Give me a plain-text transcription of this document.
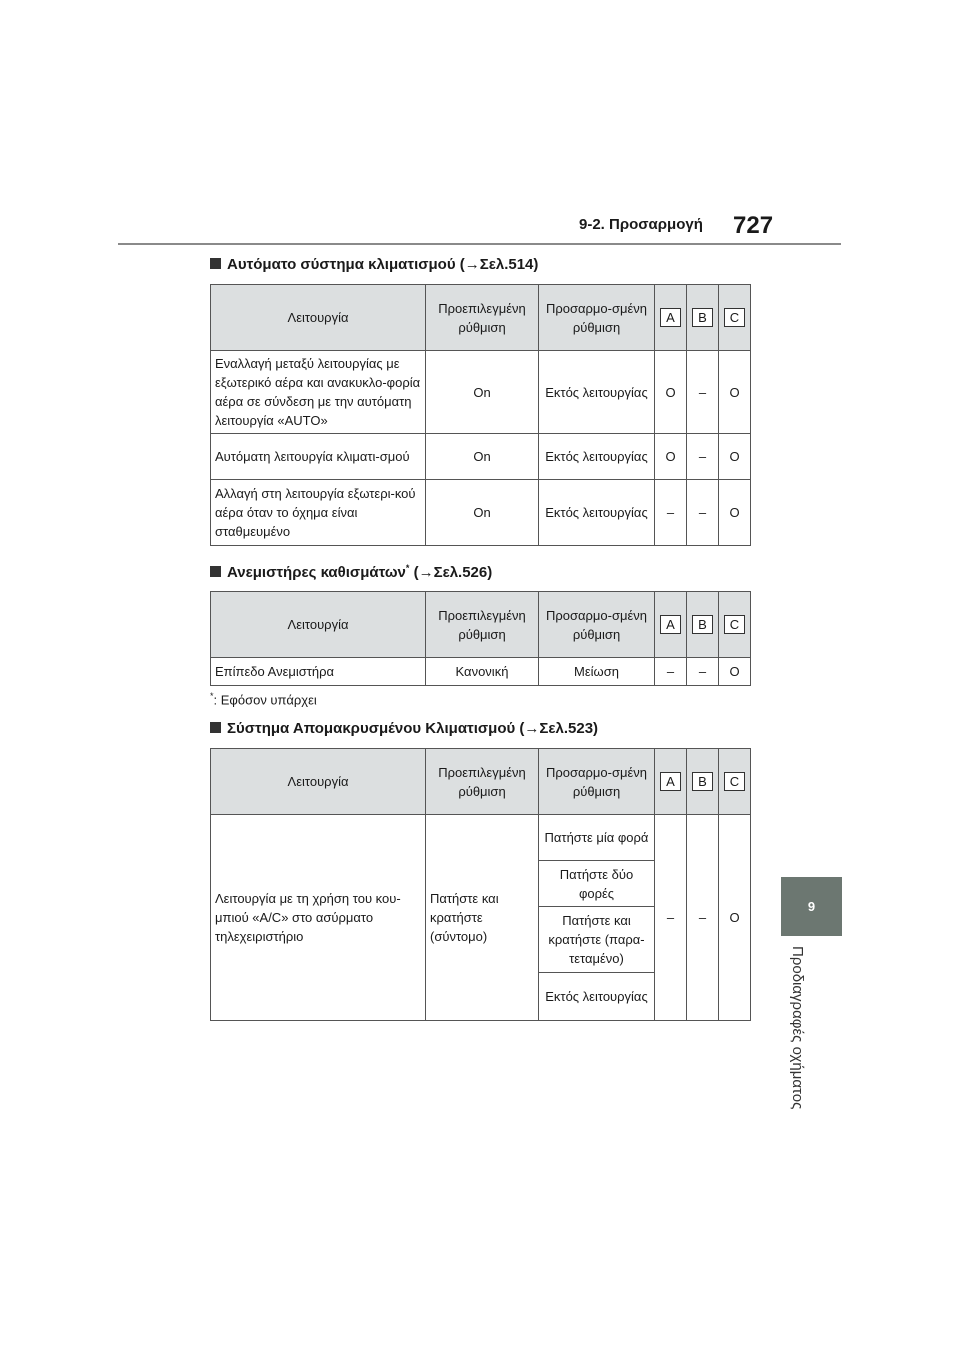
9-2. Προσαρμογή 727
9
Προδιαγραφές οχήματος
Αυτόματο σύστημα κλιματισμού (→Σελ.514)
Λειτουργία	Προεπιλεγμένη ρύθμιση	Προσαρμο-σμένη ρύθμιση	A	B	C
Εναλλαγή μεταξύ λειτουργίας με εξωτερικό αέρα και ανακυκλο-φορία αέρα σε σύνδεση με την αυτόματη λειτουργία «AUTO»	On	Εκτός λειτουργίας	O	–	O
Αυτόματη λειτουργία κλιματι-σμού	On	Εκτός λειτουργίας	O	–	O
Αλλαγή στη λειτουργία εξωτερι-κού αέρα όταν το όχημα είναι σταθμευμένο	On	Εκτός λειτουργίας	–	–	O
Ανεμιστήρες καθισμάτων* (→Σελ.526)
Λειτουργία	Προεπιλεγμένη ρύθμιση	Προσαρμο-σμένη ρύθμιση	A	B	C
Επίπεδο Ανεμιστήρα	Κανονική	Μείωση	–	–	O
*: Εφόσον υπάρχει
Σύστημα Απομακρυσμένου Κλιματισμού (→Σελ.523)
Λειτουργία	Προεπιλεγμένη ρύθμιση	Προσαρμο-σμένη ρύθμιση	A	B	C
Λειτουργία με τη χρήση του κου-μπιού «A/C» στο ασύρματο τηλεχειριστήριο	Πατήστε και κρατήστε (σύντομο)	Πατήστε μία φορά	–	–	O
		Πατήστε δύο φορές			
		Πατήστε και κρατήστε (παρα-τεταμένο)			
		Εκτός λειτουργίας			
